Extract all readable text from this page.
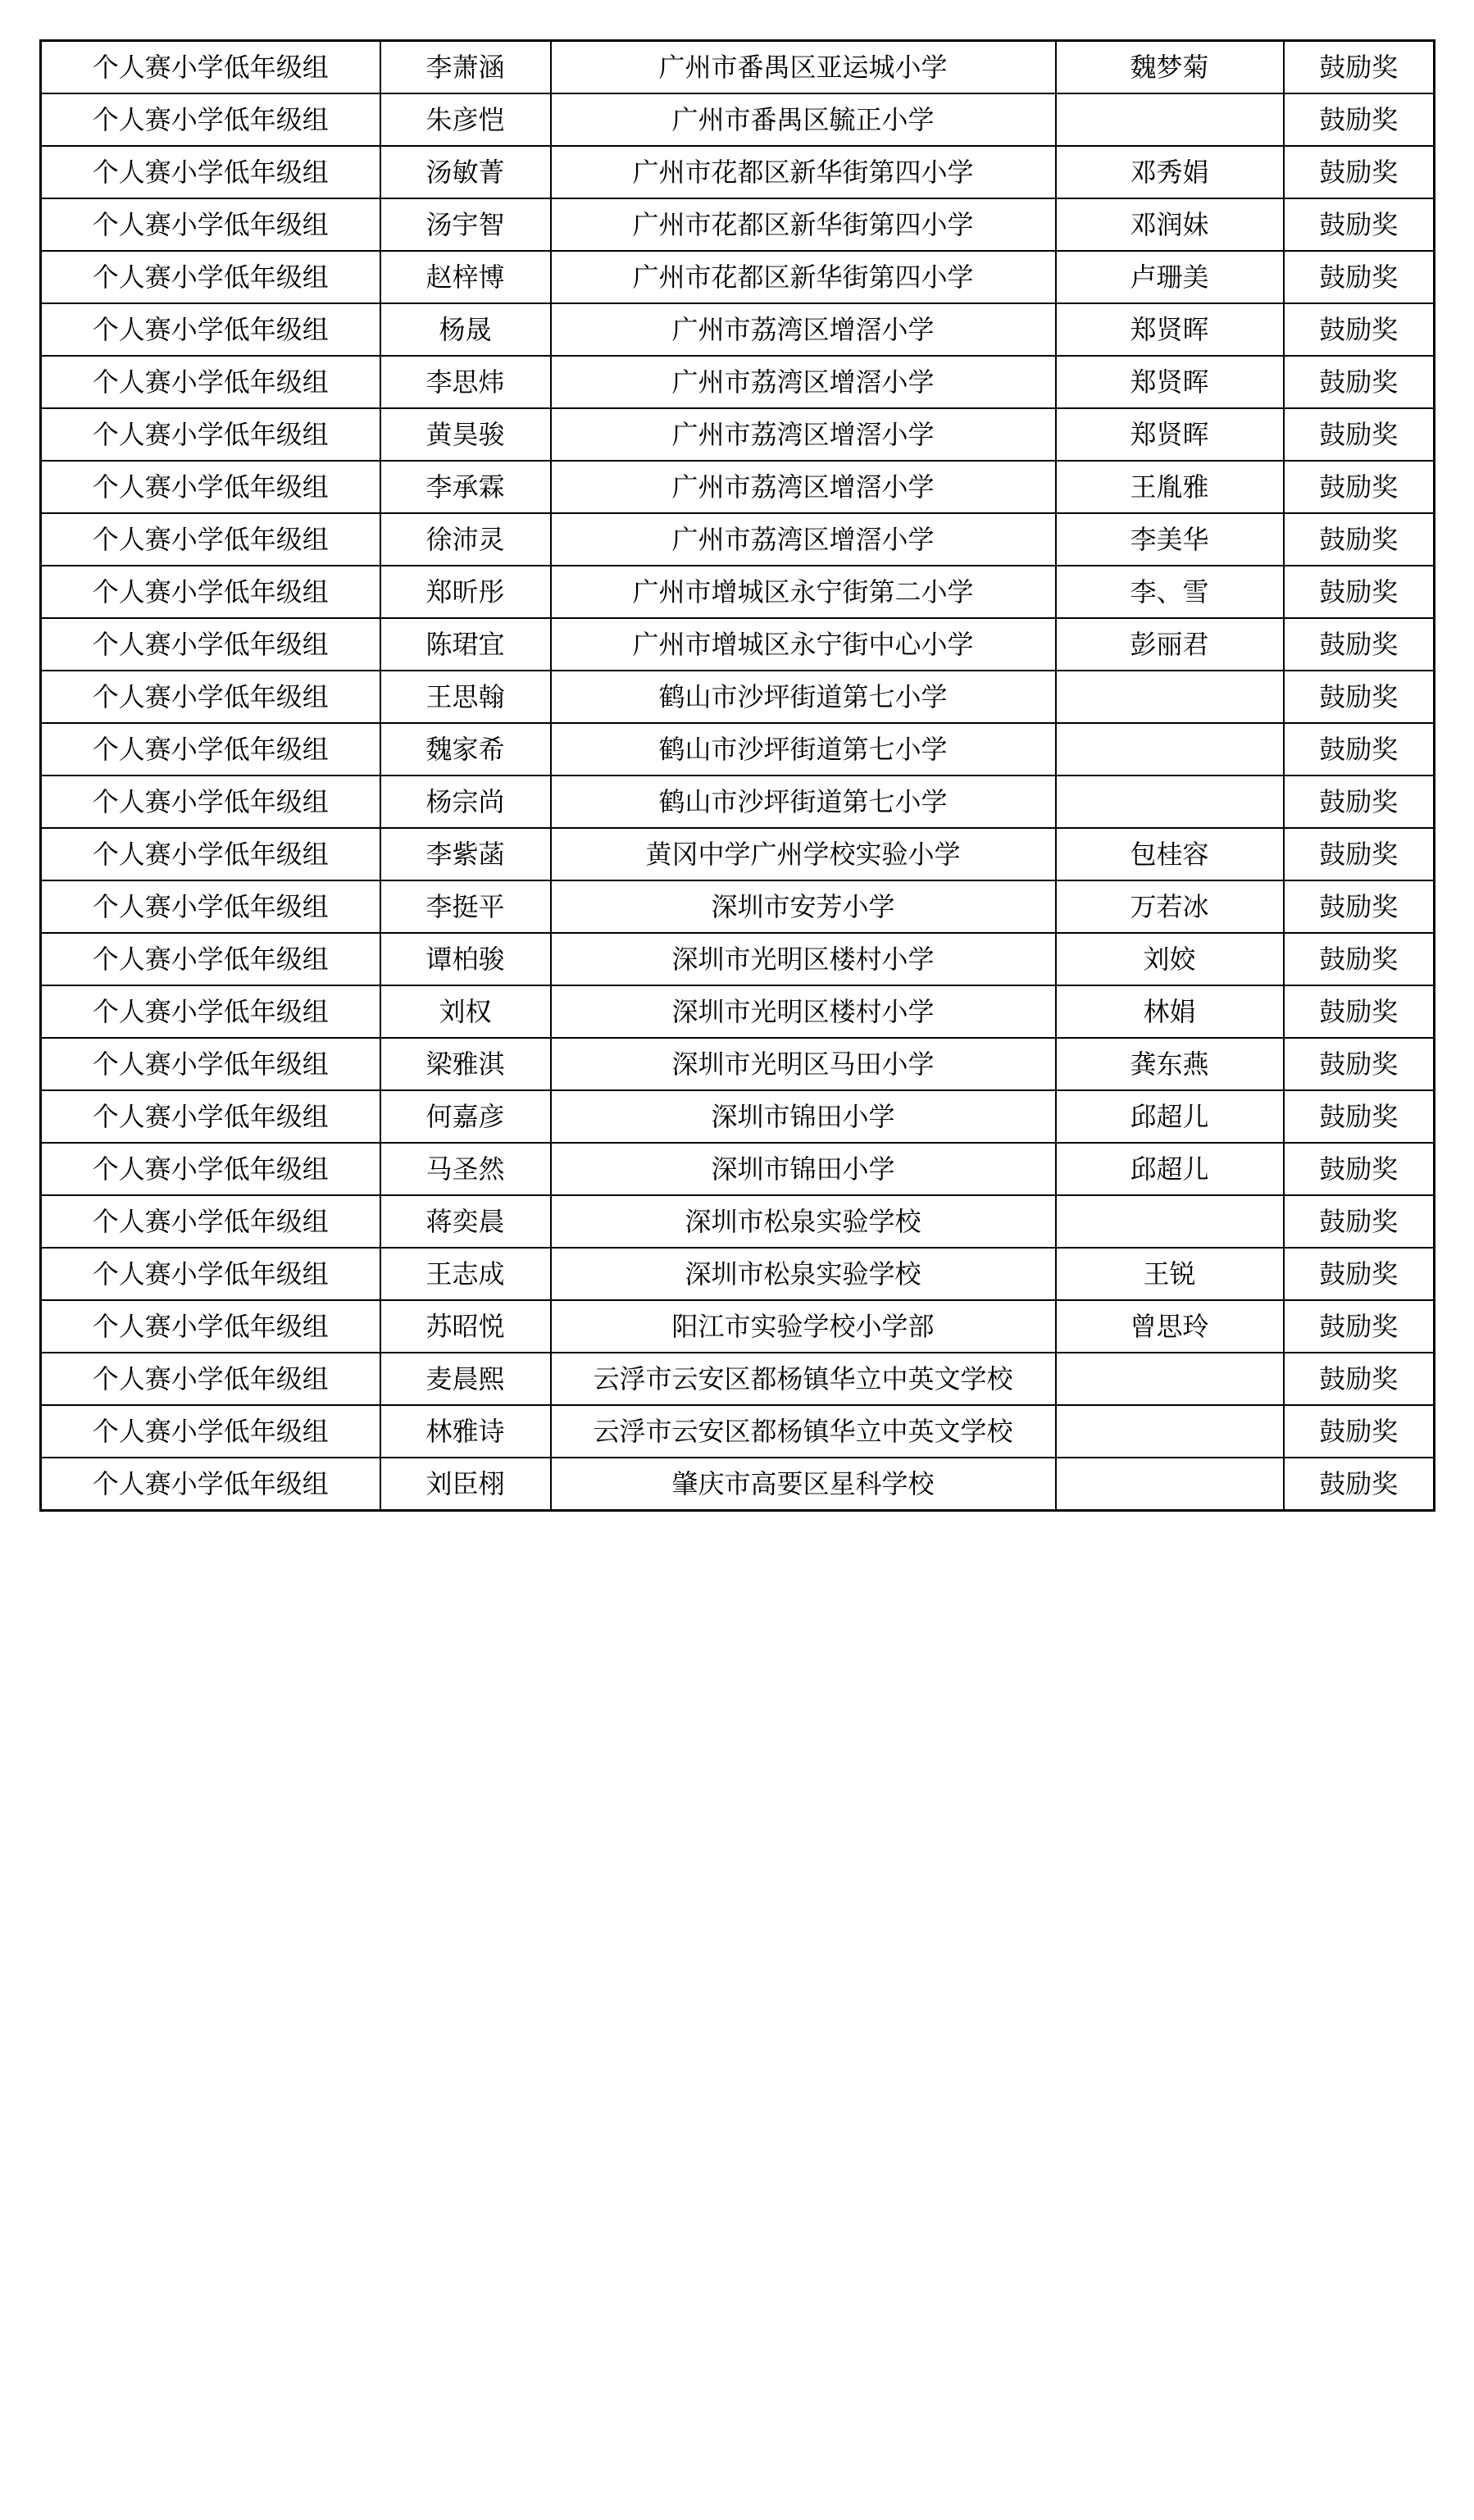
个人赛小学低年级组	李萧涵	广州市番禺区亚运城小学	魏梦菊	鼓励奖
个人赛小学低年级组	朱彦恺	广州市番禺区毓正小学		鼓励奖
个人赛小学低年级组	汤敏菁	广州市花都区新华街第四小学	邓秀娟	鼓励奖
个人赛小学低年级组	汤宇智	广州市花都区新华街第四小学	邓润妹	鼓励奖
个人赛小学低年级组	赵梓博	广州市花都区新华街第四小学	卢珊美	鼓励奖
个人赛小学低年级组	杨晟	广州市荔湾区增滘小学	郑贤晖	鼓励奖
个人赛小学低年级组	李思炜	广州市荔湾区增滘小学	郑贤晖	鼓励奖
个人赛小学低年级组	黄昊骏	广州市荔湾区增滘小学	郑贤晖	鼓励奖
个人赛小学低年级组	李承霖	广州市荔湾区增滘小学	王胤雅	鼓励奖
个人赛小学低年级组	徐沛灵	广州市荔湾区增滘小学	李美华	鼓励奖
个人赛小学低年级组	郑昕彤	广州市增城区永宁街第二小学	李、雪	鼓励奖
个人赛小学低年级组	陈珺宜	广州市增城区永宁街中心小学	彭丽君	鼓励奖
个人赛小学低年级组	王思翰	鹤山市沙坪街道第七小学		鼓励奖
个人赛小学低年级组	魏家希	鹤山市沙坪街道第七小学		鼓励奖
个人赛小学低年级组	杨宗尚	鹤山市沙坪街道第七小学		鼓励奖
个人赛小学低年级组	李紫菡	黄冈中学广州学校实验小学	包桂容	鼓励奖
个人赛小学低年级组	李挺平	深圳市安芳小学	万若冰	鼓励奖
个人赛小学低年级组	谭柏骏	深圳市光明区楼村小学	刘姣	鼓励奖
个人赛小学低年级组	刘权	深圳市光明区楼村小学	林娟	鼓励奖
个人赛小学低年级组	梁雅淇	深圳市光明区马田小学	龚东燕	鼓励奖
个人赛小学低年级组	何嘉彦	深圳市锦田小学	邱超儿	鼓励奖
个人赛小学低年级组	马圣然	深圳市锦田小学	邱超儿	鼓励奖
个人赛小学低年级组	蒋奕晨	深圳市松泉实验学校		鼓励奖
个人赛小学低年级组	王志成	深圳市松泉实验学校	王锐	鼓励奖
个人赛小学低年级组	苏昭悦	阳江市实验学校小学部	曾思玲	鼓励奖
个人赛小学低年级组	麦晨熙	云浮市云安区都杨镇华立中英文学校		鼓励奖
个人赛小学低年级组	林雅诗	云浮市云安区都杨镇华立中英文学校		鼓励奖
个人赛小学低年级组	刘臣栩	肇庆市高要区星科学校		鼓励奖
